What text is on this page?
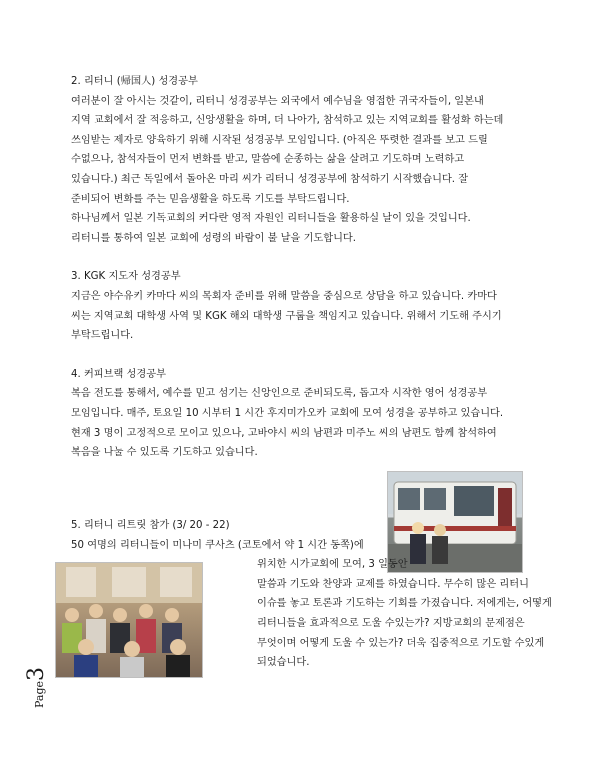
2. 리터니 (帰国人) 성경공부

여러분이 잘 아시는 것같이, 리터니 성경공부는 외국에서 예수님을 영접한 귀국자들이, 일본내

지역 교회에서 잘 적응하고, 신앙생활을 하며, 더 나아가, 참석하고 있는 지역교회를 활성화 하는데

쓰임받는 제자로 양육하기 위해 시작된 성경공부 모임입니다. (아직은 뚜렷한 결과를 보고 드릴

수없으나, 참석자들이 먼저 변화를 받고, 말씀에 순종하는 삶을 살려고 기도하며 노력하고

있습니다.) 최근 독일에서 돌아온 마리 씨가 리터니 성경공부에 참석하기 시작했습니다. 잘

준비되어 변화를 주는 믿음생활을 하도록 기도를 부탁드립니다.

하나님께서 일본 기독교회의 커다란 영적 자원인 리터니들을 활용하실 날이 있을 것입니다.

리터니를 통하여 일본 교회에 성령의 바람이 불 날을 기도합니다.

3. KGK 지도자 성경공부

지금은 야수유키 카마다 씨의 목회자 준비를 위해 말씀을 중심으로 상담을 하고 있습니다. 카마다

씨는 지역교회 대학생 사역 및 KGK 해외 대학생 구룹을 책임지고 있습니다. 위해서 기도해 주시기

부탁드립니다.

4. 커피브랙 성경공부

복음 전도를 통해서, 예수를 믿고 섬기는 신앙인으로 준비되도록, 돕고자 시작한 영어 성경공부

모임입니다. 매주, 토요일 10 시부터 1 시간 후지미가오카 교회에 모여 성경을 공부하고 있습니다.

현재 3 명이 고정적으로 모이고 있으나, 고바야시 씨의 남편과 미주노 씨의 남편도 함께 참석하여

복음을 나눌 수 있도록 기도하고 있습니다.

5. 리터니 리트릿 참가 (3/ 20 - 22)

50 여명의 리터니들이 미나미 쿠사츠 (코토에서 약 1 시간 동쪽)에

위치한 시가교회에 모여, 3 일동안

말씀과 기도와 찬양과 교제를 하였습니다. 무수히 많은 리터니

이슈를 놓고 토론과 기도하는 기회를 가졌습니다. 저에게는, 어떻게

리터니들을 효과적으로 도울 수있는가? 지방교회의 문제점은

무엇이며 어떻게 도울 수 있는가? 더욱 집중적으로 기도할 수있게

되었습니다.

Page3
